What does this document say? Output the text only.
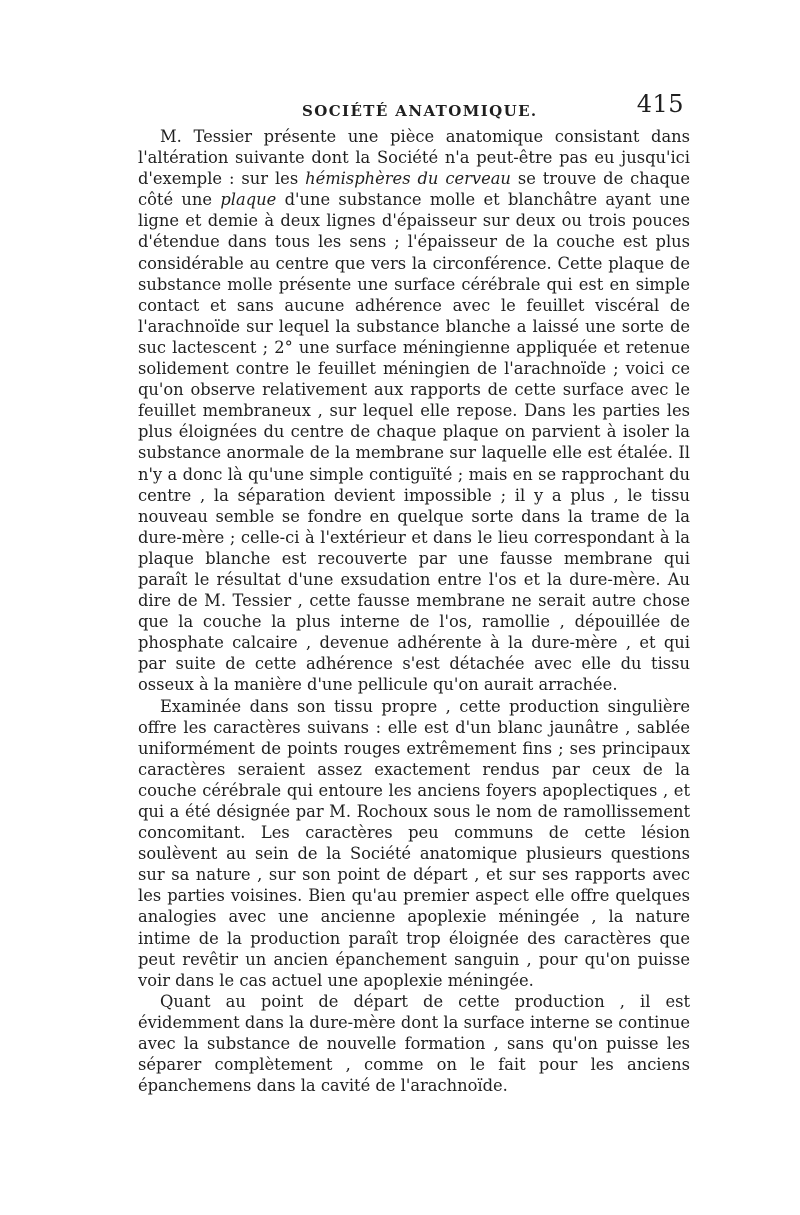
SOCIÉTÉ ANATOMIQUE.	415

M. Tessier présente une pièce anatomique consistant dans l'altération suivante dont la Société n'a peut-être pas eu jusqu'ici d'exemple : sur les hémisphères du cerveau se trouve de chaque côté une plaque d'une substance molle et blanchâtre ayant une ligne et demie à deux lignes d'épaisseur sur deux ou trois pouces d'étendue dans tous les sens ; l'épaisseur de la couche est plus considérable au centre que vers la circonférence. Cette plaque de substance molle présente une surface cérébrale qui est en simple contact et sans aucune adhérence avec le feuillet viscéral de l'arachnoïde sur lequel la substance blanche a laissé une sorte de suc lactescent ; 2° une surface méningienne appliquée et retenue solidement contre le feuillet méningien de l'arachnoïde ; voici ce qu'on observe relativement aux rapports de cette surface avec le feuillet membraneux , sur lequel elle repose. Dans les parties les plus éloignées du centre de chaque plaque on parvient à isoler la substance anormale de la membrane sur laquelle elle est étalée. Il n'y a donc là qu'une simple contiguïté ; mais en se rapprochant du centre , la séparation devient impossible ; il y a plus , le tissu nouveau semble se fondre en quelque sorte dans la trame de la dure-mère ; celle-ci à l'extérieur et dans le lieu correspondant à la plaque blanche est recouverte par une fausse membrane qui paraît le résultat d'une exsudation entre l'os et la dure-mère. Au dire de M. Tessier , cette fausse membrane ne serait autre chose que la couche la plus interne de l'os, ramollie , dépouillée de phosphate calcaire , devenue adhérente à la dure-mère , et qui par suite de cette adhérence s'est détachée avec elle du tissu osseux à la manière d'une pellicule qu'on aurait arrachée.

Examinée dans son tissu propre , cette production singulière offre les caractères suivans : elle est d'un blanc jaunâtre , sablée uniformément de points rouges extrêmement fins ; ses principaux caractères seraient assez exactement rendus par ceux de la couche cérébrale qui entoure les anciens foyers apoplectiques , et qui a été désignée par M. Rochoux sous le nom de ramollissement concomitant. Les caractères peu communs de cette lésion soulèvent au sein de la Société anatomique plusieurs questions sur sa nature , sur son point de départ , et sur ses rapports avec les parties voisines. Bien qu'au premier aspect elle offre quelques analogies avec une ancienne apoplexie méningée , la nature intime de la production paraît trop éloignée des caractères que peut revêtir un ancien épanchement sanguin , pour qu'on puisse voir dans le cas actuel une apoplexie méningée.

Quant au point de départ de cette production , il est évidemment dans la dure-mère dont la surface interne se continue avec la substance de nouvelle formation , sans qu'on puisse les séparer complètement , comme on le fait pour les anciens épanchemens dans la cavité de l'arachnoïde.
